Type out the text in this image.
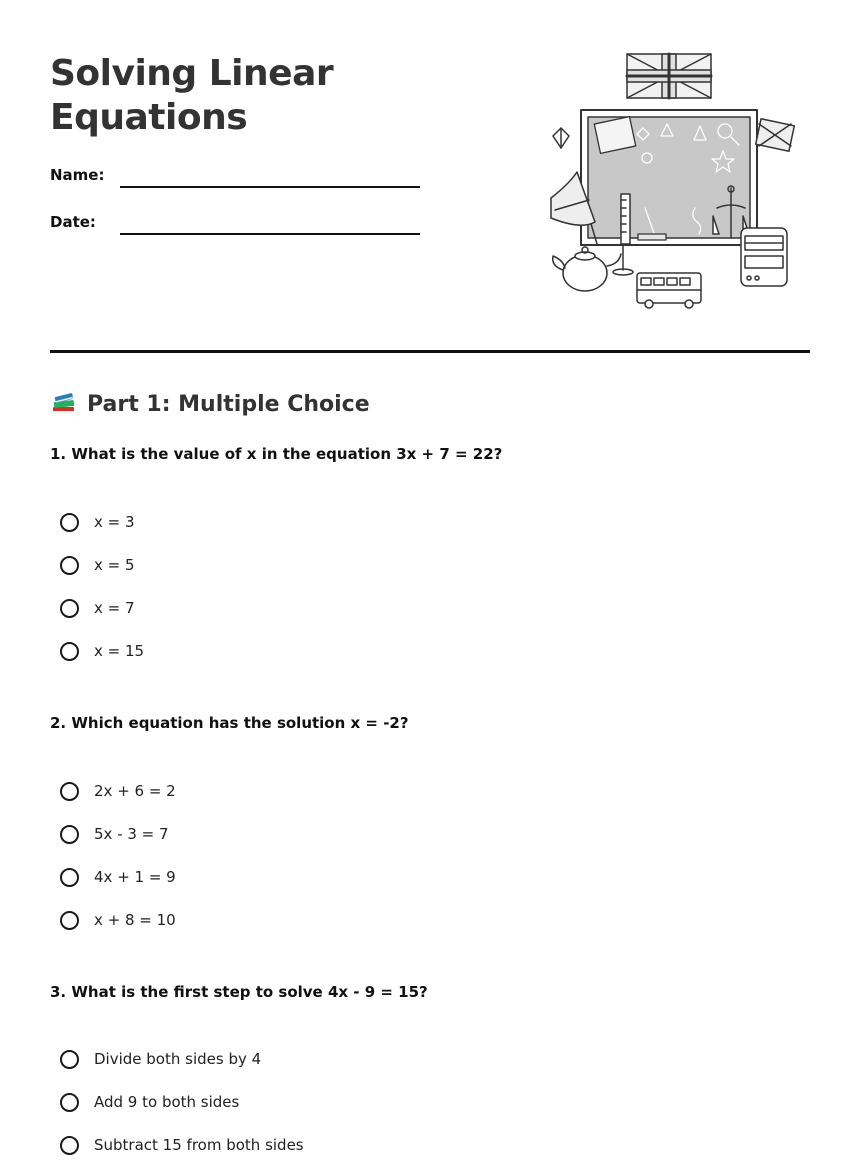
Solving Linear Equations
Name:
Date:
Part 1: Multiple Choice
1. What is the value of x in the equation 3x + 7 = 22?
x = 3
x = 5
x = 7
x = 15
2. Which equation has the solution x = -2?
2x + 6 = 2
5x - 3 = 7
4x + 1 = 9
x + 8 = 10
3. What is the first step to solve 4x - 9 = 15?
Divide both sides by 4
Add 9 to both sides
Subtract 15 from both sides
